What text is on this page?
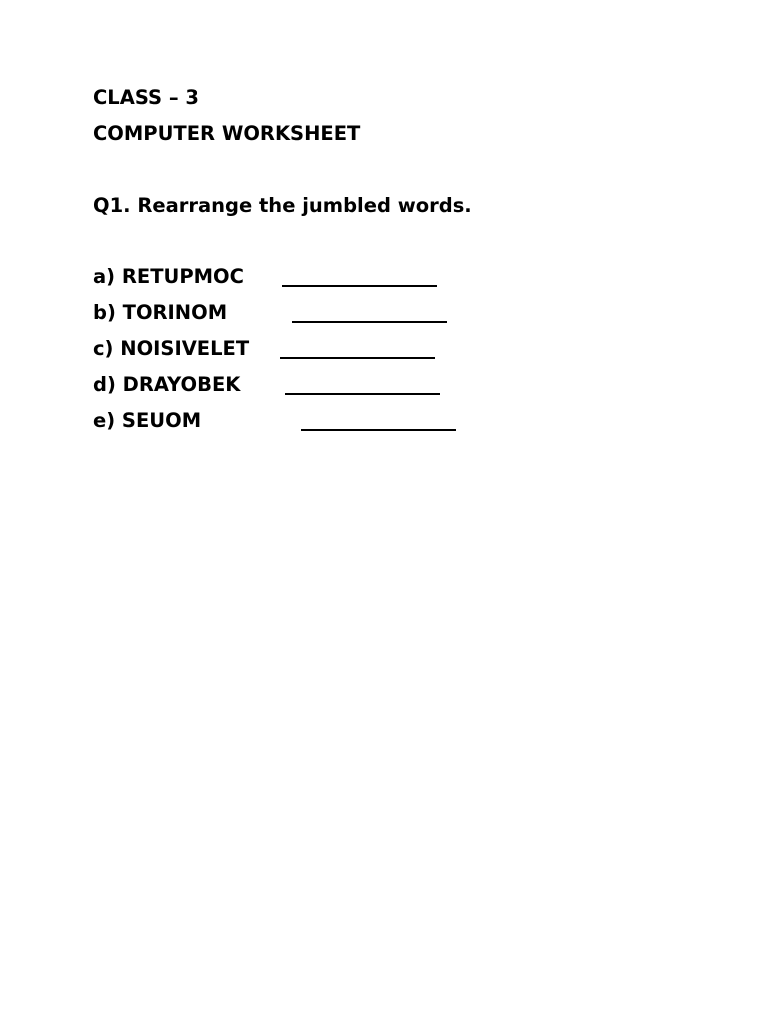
CLASS – 3

COMPUTER WORKSHEET

Q1. Rearrange the jumbled words.

a) RETUPMOC

b) TORINOM

c) NOISIVELET

d) DRAYOBEK

e) SEUOM
